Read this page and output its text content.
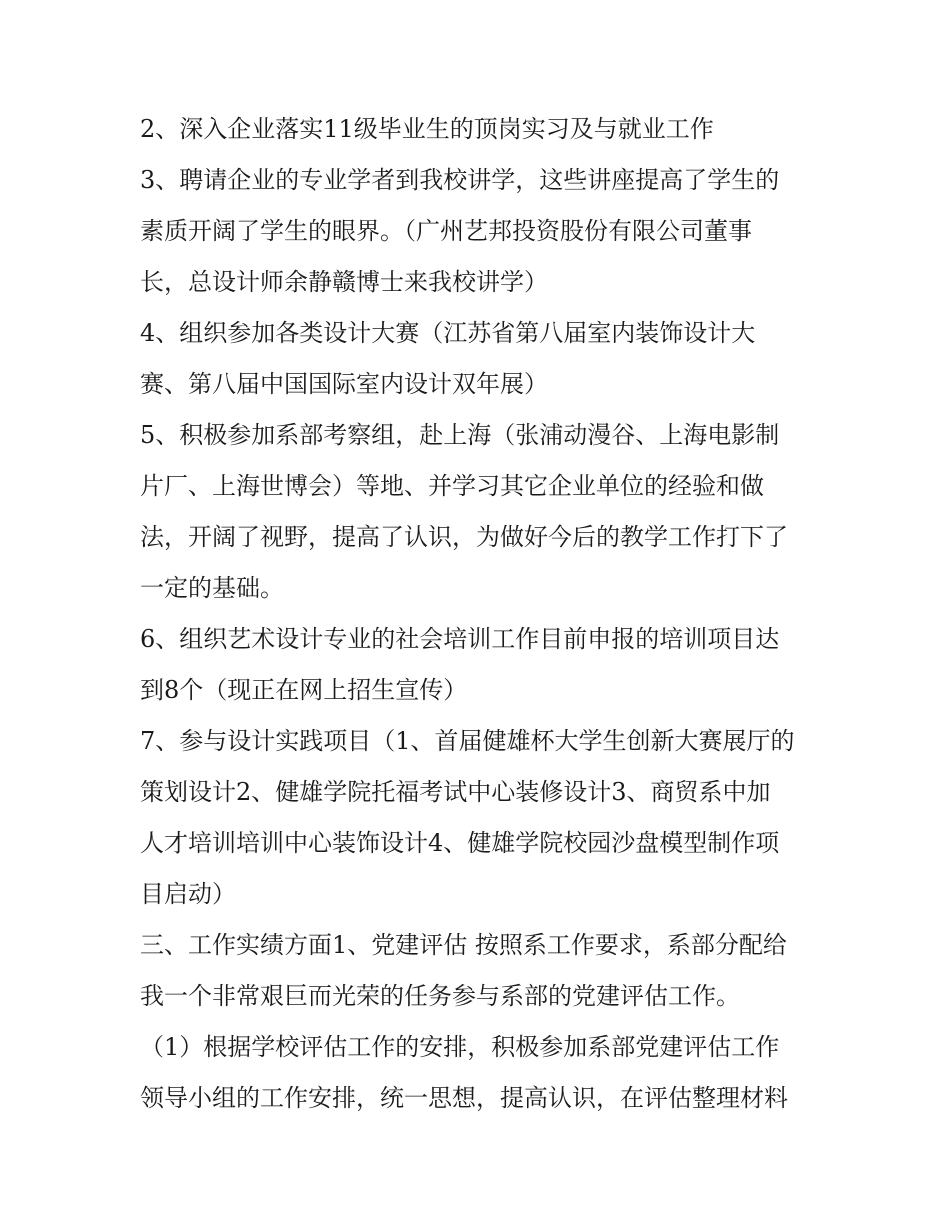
2、深入企业落实11级毕业生的顶岗实习及与就业工作
3、聘请企业的专业学者到我校讲学，这些讲座提高了学生的
素质开阔了学生的眼界。（广州艺邦投资股份有限公司董事
长，总设计师余静赣博士来我校讲学）
4、组织参加各类设计大赛（江苏省第八届室内装饰设计大
赛、第八届中国国际室内设计双年展）
5、积极参加系部考察组，赴上海（张浦动漫谷、上海电影制
片厂、上海世博会）等地、并学习其它企业单位的经验和做
法，开阔了视野，提高了认识，为做好今后的教学工作打下了
一定的基础。
6、组织艺术设计专业的社会培训工作目前申报的培训项目达
到8个（现正在网上招生宣传）
7、参与设计实践项目（1、首届健雄杯大学生创新大赛展厅的
策划设计2、健雄学院托福考试中心装修设计3、商贸系中加
人才培训培训中心装饰设计4、健雄学院校园沙盘模型制作项
目启动）
三、工作实绩方面1、党建评估 按照系工作要求，系部分配给
我一个非常艰巨而光荣的任务参与系部的党建评估工作。
（1）根据学校评估工作的安排，积极参加系部党建评估工作
领导小组的工作安排，统一思想，提高认识，在评估整理材料
